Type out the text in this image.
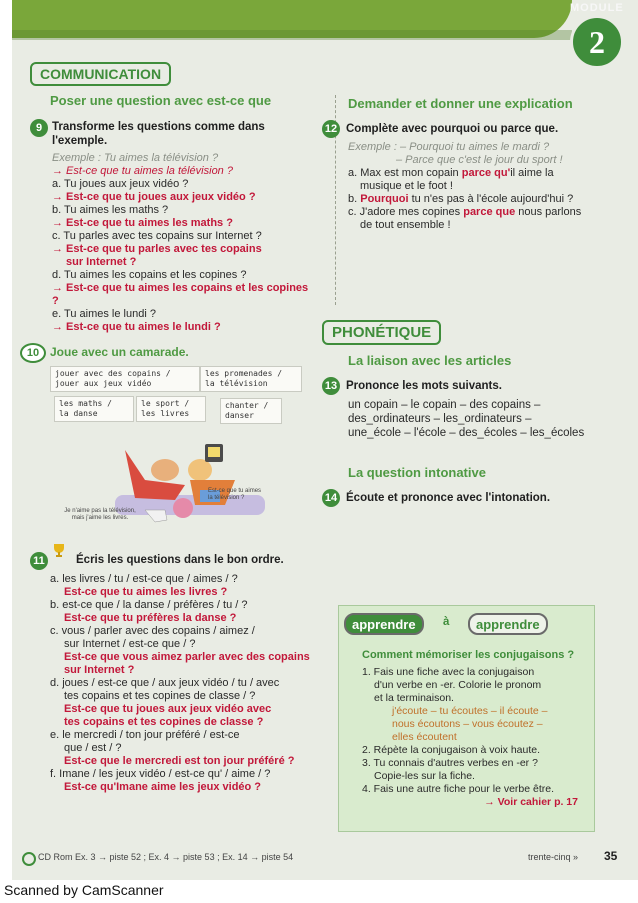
MODULE
2
COMMUNICATION
Poser une question avec est-ce que
9 Transforme les questions comme dans l'exemple.
Exemple : Tu aimes la télévision ?
→ Est-ce que tu aimes la télévision ?
a. Tu joues aux jeux vidéo ?
→ Est-ce que tu joues aux jeux vidéo ?
b. Tu aimes les maths ?
→ Est-ce que tu aimes les maths ?
c. Tu parles avec tes copains sur Internet ?
→ Est-ce que tu parles avec tes copains
sur Internet ?
d. Tu aimes les copains et les copines ?
→ Est-ce que tu aimes les copains et les copines ?
e. Tu aimes le lundi ?
→ Est-ce que tu aimes le lundi ?
10 Joue avec un camarade.
jouer avec des copains /
jouer aux jeux vidéo
les promenades /
la télévision
les maths /
la danse
le sport /
les livres
chanter /
danser
Est-ce que tu aimes
la télévision ?
Je n'aime pas la télévision,
mais j'aime les livres.
11	Écris les questions dans le bon ordre.
a. les livres / tu / est-ce que / aimes / ?
Est-ce que tu aimes les livres ?
b. est-ce que / la danse / préfères / tu / ?
Est-ce que tu préfères la danse ?
c. vous / parler avec des copains / aimez /
sur Internet / est-ce que / ?
Est-ce que vous aimez parler avec des copains
sur Internet ?
d. joues / est-ce que / aux jeux vidéo / tu / avec
tes copains et tes copines de classe / ?
Est-ce que tu joues aux jeux vidéo avec
tes copains et tes copines de classe ?
e. le mercredi / ton jour préféré / est-ce
que / est / ?
Est-ce que le mercredi est ton jour préféré ?
f. Imane / les jeux vidéo / est-ce qu' / aime / ?
Est-ce qu'Imane aime les jeux vidéo ?
Demander et donner une explication
12 Complète avec pourquoi ou parce que.
Exemple : – Pourquoi tu aimes le mardi ?
– Parce que c'est le jour du sport !
a. Max est mon copain parce qu'il aime la
musique et le foot !
b. Pourquoi tu n'es pas à l'école aujourd'hui ?
c. J'adore mes copines parce que nous parlons
de tout ensemble !
PHONÉTIQUE
La liaison avec les articles
13 Prononce les mots suivants.
un copain – le copain – des copains –
des_ordinateurs – les_ordinateurs –
une_école – l'école – des_écoles – les_écoles
La question intonative
14 Écoute et prononce avec l'intonation.
apprendre	à	apprendre
Comment mémoriser les conjugaisons ?
1. Fais une fiche avec la conjugaison
d'un verbe en -er. Colorie le pronom
et la terminaison.
j'écoute – tu écoutes – il écoute –
nous écoutons – vous écoutez –
elles écoutent
2. Répète la conjugaison à voix haute.
3. Tu connais d'autres verbes en -er ?
Copie-les sur la fiche.
4. Fais une autre fiche pour le verbe être.
→ Voir cahier p. 17
CD Rom Ex. 3 → piste 52 ; Ex. 4 → piste 53 ; Ex. 14 → piste 54	trente-cinq » 35
Scanned by CamScanner
